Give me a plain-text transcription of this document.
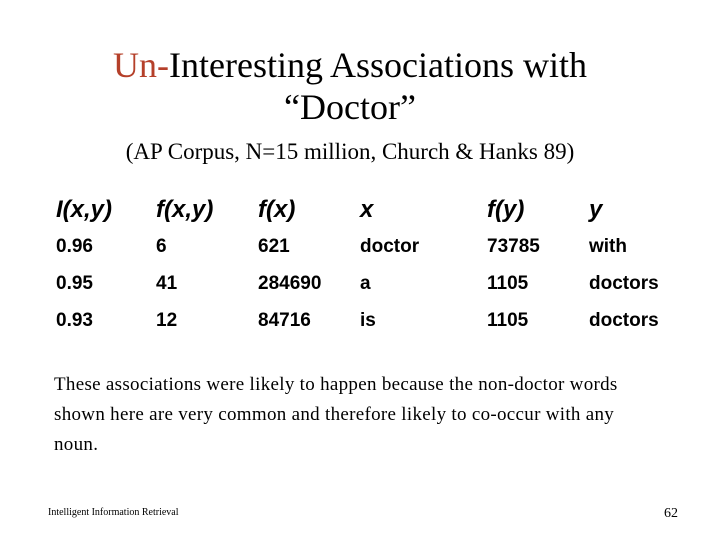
Un-Interesting Associations with
“Doctor”
(AP Corpus, N=15 million, Church & Hanks 89)
I(x,y)	f(x,y)	f(x)	x	f(y)	y
0.96	6	621	doctor	73785	with
0.95	41	284690	a	1105	doctors
0.93	12	84716	is	1105	doctors

These associations were likely to happen because the non-doctor words shown here are very common and therefore likely to co-occur with any noun.

Intelligent Information Retrieval	62
